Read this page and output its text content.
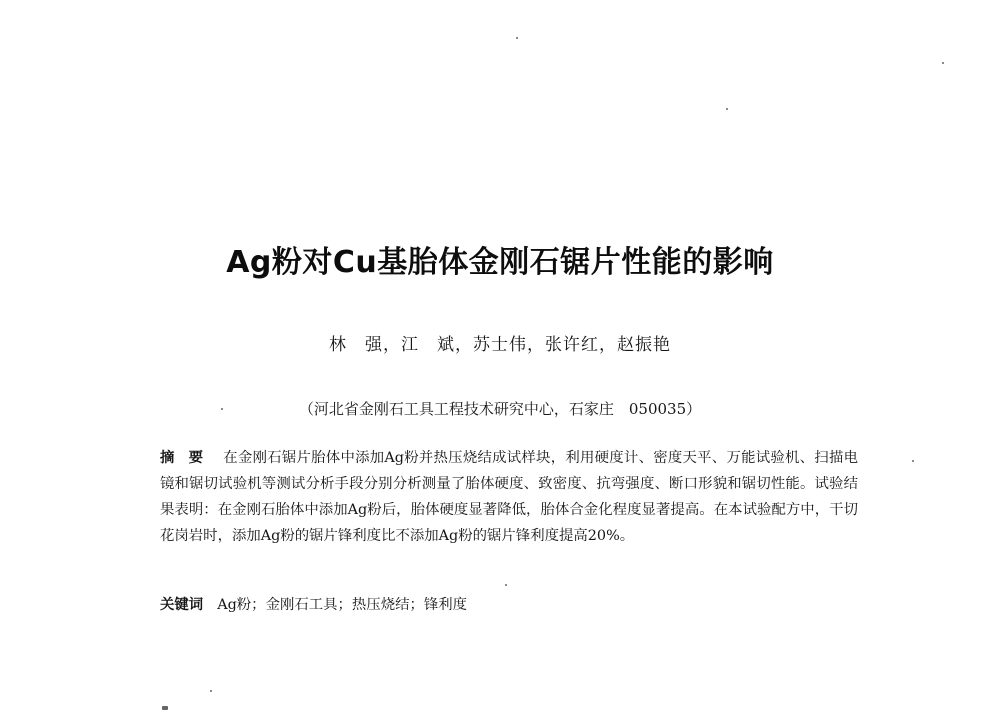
Ag粉对Cu基胎体金刚石锯片性能的影响
林　强，江　斌，苏士伟，张许红，赵振艳
（河北省金刚石工具工程技术研究中心，石家庄　050035）
摘要 在金刚石锯片胎体中添加Ag粉并热压烧结成试样块，利用硬度计、密度天平、万能试验机、扫描电镜和锯切试验机等测试分析手段分别分析测量了胎体硬度、致密度、抗弯强度、断口形貌和锯切性能。试验结果表明：在金刚石胎体中添加Ag粉后，胎体硬度显著降低，胎体合金化程度显著提高。在本试验配方中，干切花岗岩时，添加Ag粉的锯片锋利度比不添加Ag粉的锯片锋利度提高20%。
关键词 Ag粉；金刚石工具；热压烧结；锋利度
